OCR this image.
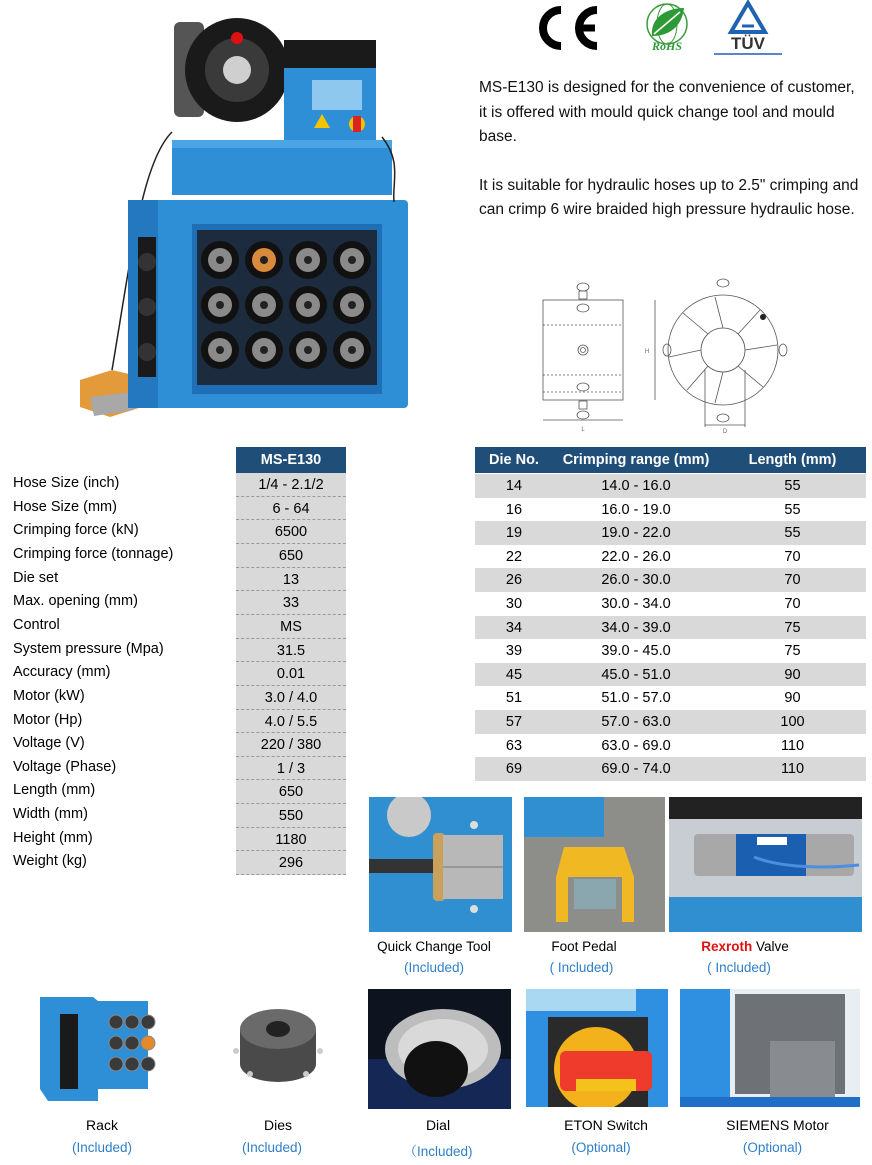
RoHS	TÜV

MS-E130 is designed for the convenience of customer, it is offered with mould quick change tool and mould base.

It is suitable for hydraulic hoses up to 2.5" crimping and can crimp 6 wire braided high pressure hydraulic hose.

L	D
H
MS-E130
Hose Size (inch)	1/4 - 2.1/2
Hose Size (mm)	6 - 64
Crimping force (kN)	6500
Crimping force (tonnage)	650
Die set	13
Max. opening (mm)	33
Control	MS
System pressure (Mpa)	31.5
Accuracy (mm)	0.01
Motor (kW)	3.0 / 4.0
Motor (Hp)	4.0 / 5.5
Voltage (V)	220 / 380
Voltage (Phase)	1 / 3
Length (mm)	650
Width (mm)	550
Height (mm)	1180
Weight (kg)	296
Die No.	Crimping range (mm)	Length (mm)
14	14.0 - 16.0	55
16	16.0 - 19.0	55
19	19.0 - 22.0	55
22	22.0 - 26.0	70
26	26.0 - 30.0	70
30	30.0 - 34.0	70
34	34.0 - 39.0	75
39	39.0 - 45.0	75
45	45.0 - 51.0	90
51	51.0 - 57.0	90
57	57.0 - 63.0	100
63	63.0 - 69.0	110
69	69.0 - 74.0	110
Quick Change Tool
(Included)
Foot Pedal
( Included)
Rexroth Valve
( Included)
Rack
(Included)
Dies
(Included)
Dial
（Included)
ETON Switch
(Optional)
SIEMENS Motor
(Optional)
